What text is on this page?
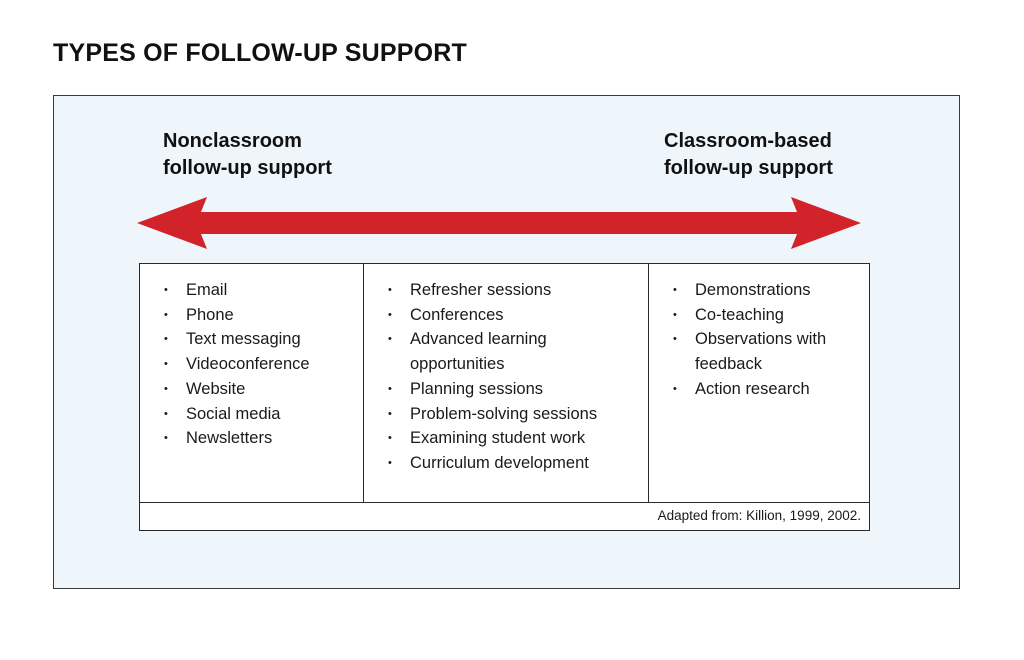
TYPES OF FOLLOW-UP SUPPORT
Nonclassroom
follow-up support
Classroom-based
follow-up support
• Email
• Phone
• Text messaging
• Videoconference
• Website
• Social media
• Newsletters
• Refresher sessions
• Conferences
• Advanced learning opportunities
• Planning sessions
• Problem-solving sessions
• Examining student work
• Curriculum development
• Demonstrations
• Co-teaching
• Observations with feedback
• Action research
Adapted from: Killion, 1999, 2002.
